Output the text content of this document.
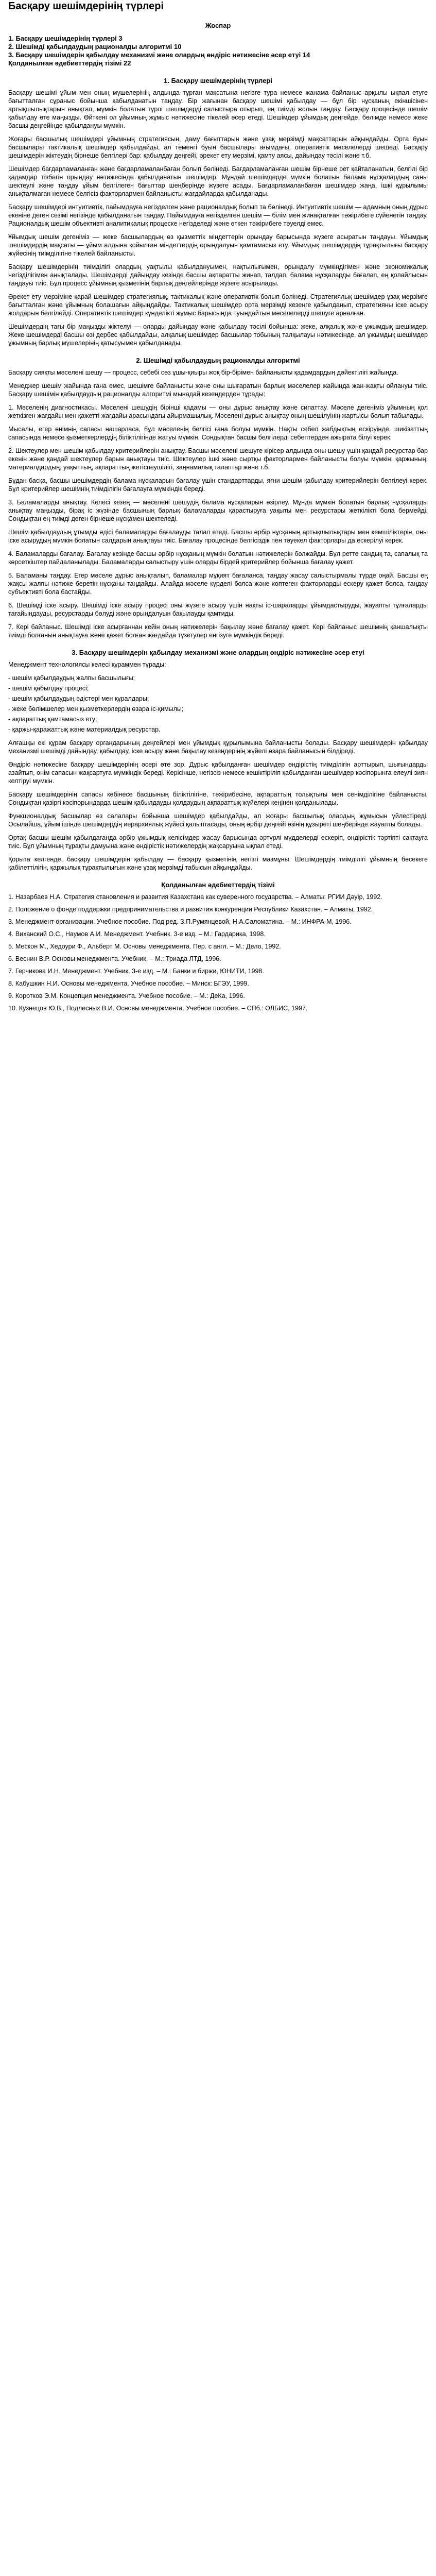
Басқару шешімдерінің түрлері
Жоспар

1. Басқару шешімдерінің түрлері 3

2. Шешімді қабылдаудың рационалды алгоритмі 10

3. Басқару шешімдерін қабылдау механизмі және олардың өндіріс нәтижесіне әсер етуі 14

Қолданылған әдебиеттердің тізімі 22

1. Басқару шешімдерінің түрлері

Басқару шешімі ұйым мен оның мүшелерінің алдында тұрған мақсатына негізге тура немесе жанама байланыс арқылы ықпал етуге бағытталған сұраныс бойынша қабылданатын таңдау. Бір жағынан басқару шешімі қабылдау — бұл бір нұсқаның екіншісінен артықшылықтарын анықтап, мүмкін болатын түрлі шешімдерді салыстыра отырып, ең тиімді жолын таңдау. Басқару процесінде шешім қабылдау өте маңызды. Өйткені ол ұйымның жұмыс нәтижесіне тікелей әсер етеді. Шешімдер ұйымдық деңгейде, бөлімде немесе жеке басшы деңгейінде қабылдануы мүмкін.

Жоғары басшылық шешімдері ұйымның стратегиясын, даму бағыттарын және ұзақ мерзімді мақсаттарын айқындайды. Орта буын басшылары тактикалық шешімдер қабылдайды, ал төменгі буын басшылары ағымдағы, оперативтік мәселелерді шешеді. Басқару шешімдерін жіктеудің бірнеше белгілері бар: қабылдау деңгейі, әрекет ету мерзімі, қамту аясы, дайындау тәсілі және т.б.

Шешімдер бағдарламаланған және бағдарламаланбаған болып бөлінеді. Бағдарламаланған шешім бірнеше рет қайталанатын, белгілі бір қадамдар тізбегін орындау нәтижесінде қабылданатын шешімдер. Мұндай шешімдерде мүмкін болатын балама нұсқалардың саны шектеулі және таңдау ұйым белгілеген бағыттар шеңберінде жүзеге асады. Бағдарламаланбаған шешімдер жаңа, ішкі құрылымы анықталмаған немесе белгісіз факторлармен байланысты жағдайларда қабылданады.

Басқару шешімдері интуитивтік, пайымдауға негізделген және рационалдық болып та бөлінеді. Интуитивтік шешім — адамның оның дұрыс екеніне деген сезімі негізінде қабылданатын таңдау. Пайымдауға негізделген шешім — білім мен жинақталған тәжірибеге сүйенетін таңдау. Рационалдық шешім объективті аналитикалық процеске негізделеді және өткен тәжірибеге тәуелді емес.

Ұйымдық шешім дегеніміз — жеке басшылардың өз қызметтік міндеттерін орындау барысында жүзеге асыратын таңдауы. Ұйымдық шешімдердің мақсаты — ұйым алдына қойылған міндеттердің орындалуын қамтамасыз ету. Ұйымдық шешімдердің тұрақтылығы басқару жүйесінің тиімділігіне тікелей байланысты.

Басқару шешімдерінің тиімділігі олардың уақтылы қабылдануымен, нақтылығымен, орындалу мүмкіндігімен және экономикалық негізділігімен анықталады. Шешімдерді дайындау кезінде басшы ақпаратты жинап, талдап, балама нұсқаларды бағалап, ең қолайлысын таңдауы тиіс. Бұл процесс ұйымның қызметінің барлық деңгейлерінде жүзеге асырылады.

Әрекет ету мерзіміне қарай шешімдер стратегиялық, тактикалық және оперативтік болып бөлінеді. Стратегиялық шешімдер ұзақ мерзімге бағытталған және ұйымның болашағын айқындайды. Тактикалық шешімдер орта мерзімді кезеңге қабылданып, стратегияны іске асыру жолдарын белгілейді. Оперативтік шешімдер күнделікті жұмыс барысында туындайтын мәселелерді шешуге арналған.

Шешімдердің тағы бір маңызды жіктелуі — оларды дайындау және қабылдау тәсілі бойынша: жеке, алқалық және ұжымдық шешімдер. Жеке шешімдерді басшы өзі дербес қабылдайды, алқалық шешімдер басшылар тобының талқылауы нәтижесінде, ал ұжымдық шешімдер ұжымның барлық мүшелерінің қатысуымен қабылданады.

2. Шешімді қабылдаудың рационалды алгоритмі

Басқару сияқты мәселені шешу — процесс, себебі сөз ұшы-қиыры жоқ бір-бірімен байланысты қадамдардың дәйектілігі жайында.

Менеджер шешім жайында ғана емес, шешімге байланысты және оны шығаратын барлық мәселелер жайында жан-жақты ойлануы тиіс. Басқару шешімін қабылдаудың рационалды алгоритмі мынадай кезеңдерден тұрады:

1. Мәселенің диагностикасы. Мәселені шешудің бірінші қадамы — оны дұрыс анықтау және сипаттау. Мәселе дегеніміз ұйымның қол жеткізген жағдайы мен қажетті жағдайы арасындағы айырмашылық. Мәселені дұрыс анықтау оның шешілуінің жартысы болып табылады.

Мысалы, егер өнімнің сапасы нашарласа, бұл мәселенің белгісі ғана болуы мүмкін. Нақты себеп жабдықтың ескіруінде, шикізаттың сапасында немесе қызметкерлердің біліктілігінде жатуы мүмкін. Сондықтан басшы белгілерді себептерден ажырата білуі керек.

2. Шектеулер мен шешім қабылдау критерийлерін анықтау. Басшы мәселені шешуге кірісер алдында оны шешу үшін қандай ресурстар бар екенін және қандай шектеулер барын анықтауы тиіс. Шектеулер ішкі және сыртқы факторлармен байланысты болуы мүмкін: қаржының, материалдардың, уақыттың, ақпараттың жетіспеушілігі, заңнамалық талаптар және т.б.

Бұдан басқа, басшы шешімдердің балама нұсқаларын бағалау үшін стандарттарды, яғни шешім қабылдау критерийлерін белгілеуі керек. Бұл критерийлер шешімнің тиімділігін бағалауға мүмкіндік береді.

3. Баламаларды анықтау. Келесі кезең — мәселені шешудің балама нұсқаларын әзірлеу. Мұнда мүмкін болатын барлық нұсқаларды анықтау маңызды, бірақ іс жүзінде басшының барлық баламаларды қарастыруға уақыты мен ресурстары жеткілікті бола бермейді. Сондықтан ең тиімді деген бірнеше нұсқамен шектеледі.

Шешім қабылдаудың ұтымды әдісі баламаларды бағалауды талап етеді. Басшы әрбір нұсқаның артықшылықтары мен кемшіліктерін, оны іске асырудың мүмкін болатын салдарын анықтауы тиіс. Бағалау процесінде белгісіздік пен тәуекел факторлары да ескерілуі керек.

4. Баламаларды бағалау. Бағалау кезінде басшы әрбір нұсқаның мүмкін болатын нәтижелерін болжайды. Бұл ретте сандық та, сапалық та көрсеткіштер пайдаланылады. Баламаларды салыстыру үшін оларды бірдей критерийлер бойынша бағалау қажет.

5. Баламаны таңдау. Егер мәселе дұрыс анықталып, баламалар мұқият бағаланса, таңдау жасау салыстырмалы түрде оңай. Басшы ең жақсы жалпы нәтиже беретін нұсқаны таңдайды. Алайда мәселе күрделі болса және көптеген факторларды ескеру қажет болса, таңдау субъективті бола бастайды.

6. Шешімді іске асыру. Шешімді іске асыру процесі оны жүзеге асыру үшін нақты іс-шараларды ұйымдастыруды, жауапты тұлғаларды тағайындауды, ресурстарды бөлуді және орындалуын бақылауды қамтиды.

7. Кері байланыс. Шешімді іске асырғаннан кейін оның нәтижелерін бақылау және бағалау қажет. Кері байланыс шешімнің қаншалықты тиімді болғанын анықтауға және қажет болған жағдайда түзетулер енгізуге мүмкіндік береді.

3. Басқару шешімдерін қабылдау механизмі және олардың өндіріс нәтижесіне әсер етуі

Менеджмент технологиясы келесі құраммен тұрады:

- шешім қабылдаудың жалпы басшылығы;
- шешім қабылдау процесі;
- шешім қабылдаудың әдістері мен құралдары;
- жеке бөлімшелер мен қызметкерлердің өзара іс-қимылы;
- ақпараттық қамтамасыз ету;
- қаржы-қаражаттық және материалдық ресурстар.

Алғашқы екі құрам басқару органдарының деңгейлері мен ұйымдық құрылымына байланысты болады. Басқару шешімдерін қабылдау механизмі шешімді дайындау, қабылдау, іске асыру және бақылау кезеңдерінің жүйелі өзара байланысын білдіреді.

Өндіріс нәтижесіне басқару шешімдерінің әсері өте зор. Дұрыс қабылданған шешімдер өндірістің тиімділігін арттырып, шығындарды азайтып, өнім сапасын жақсартуға мүмкіндік береді. Керісінше, негізсіз немесе кешіктіріліп қабылданған шешімдер кәсіпорынға елеулі зиян келтіруі мүмкін.

Басқару шешімдерінің сапасы көбінесе басшының біліктілігіне, тәжірибесіне, ақпараттың толықтығы мен сенімділігіне байланысты. Сондықтан қазіргі кәсіпорындарда шешім қабылдауды қолдаудың ақпараттық жүйелері кеңінен қолданылады.

Функционалдық басшылар өз салалары бойынша шешімдер қабылдайды, ал жоғары басшылық олардың жұмысын үйлестіреді. Осылайша, ұйым ішінде шешімдердің иерархиялық жүйесі қалыптасады, оның әрбір деңгейі өзінің құзыреті шеңберінде жауапты болады.

Ортақ басшы шешім қабылдағанда әрбір ұжымдық келісімдер жасау барысында әртүрлі мүдделерді ескеріп, өндірістік тәртіпті сақтауға тиіс. Бұл ұйымның тұрақты дамуына және өндірістік нәтижелердің жақсаруына ықпал етеді.

Қорыта келгенде, басқару шешімдерін қабылдау — басқару қызметінің негізгі мазмұны. Шешімдердің тиімділігі ұйымның бәсекеге қабілеттілігін, қаржылық тұрақтылығын және ұзақ мерзімді табысын айқындайды.

Қолданылған әдебиеттердің тізімі
1. Назарбаев Н.А. Стратегия становления и развития Казахстана как суверенного государства. – Алматы: РГИИ Дәуір, 1992.
2. Положение о фонде поддержки предпринимательства и развития конкуренции Республики Казахстан. – Алматы, 1992.
3. Менеджмент организации. Учебное пособие. Под ред. З.П.Румянцевой, Н.А.Саломатина. – М.: ИНФРА-М, 1996.
4. Виханский О.С., Наумов А.И. Менеджмент. Учебник. 3-е изд. – М.: Гардарика, 1998.
5. Мескон М., Хедоури Ф., Альберт М. Основы менеджмента. Пер. с англ. – М.: Дело, 1992.
6. Веснин В.Р. Основы менеджмента. Учебник. – М.: Триада ЛТД, 1996.
7. Герчикова И.Н. Менеджмент. Учебник. 3-е изд. – М.: Банки и биржи, ЮНИТИ, 1998.
8. Кабушкин Н.И. Основы менеджмента. Учебное пособие. – Минск: БГЭУ, 1999.
9. Коротков Э.М. Концепция менеджмента. Учебное пособие. – М.: ДеКа, 1996.
10. Кузнецов Ю.В., Подлесных В.И. Основы менеджмента. Учебное пособие. – СПб.: ОЛБИС, 1997.
